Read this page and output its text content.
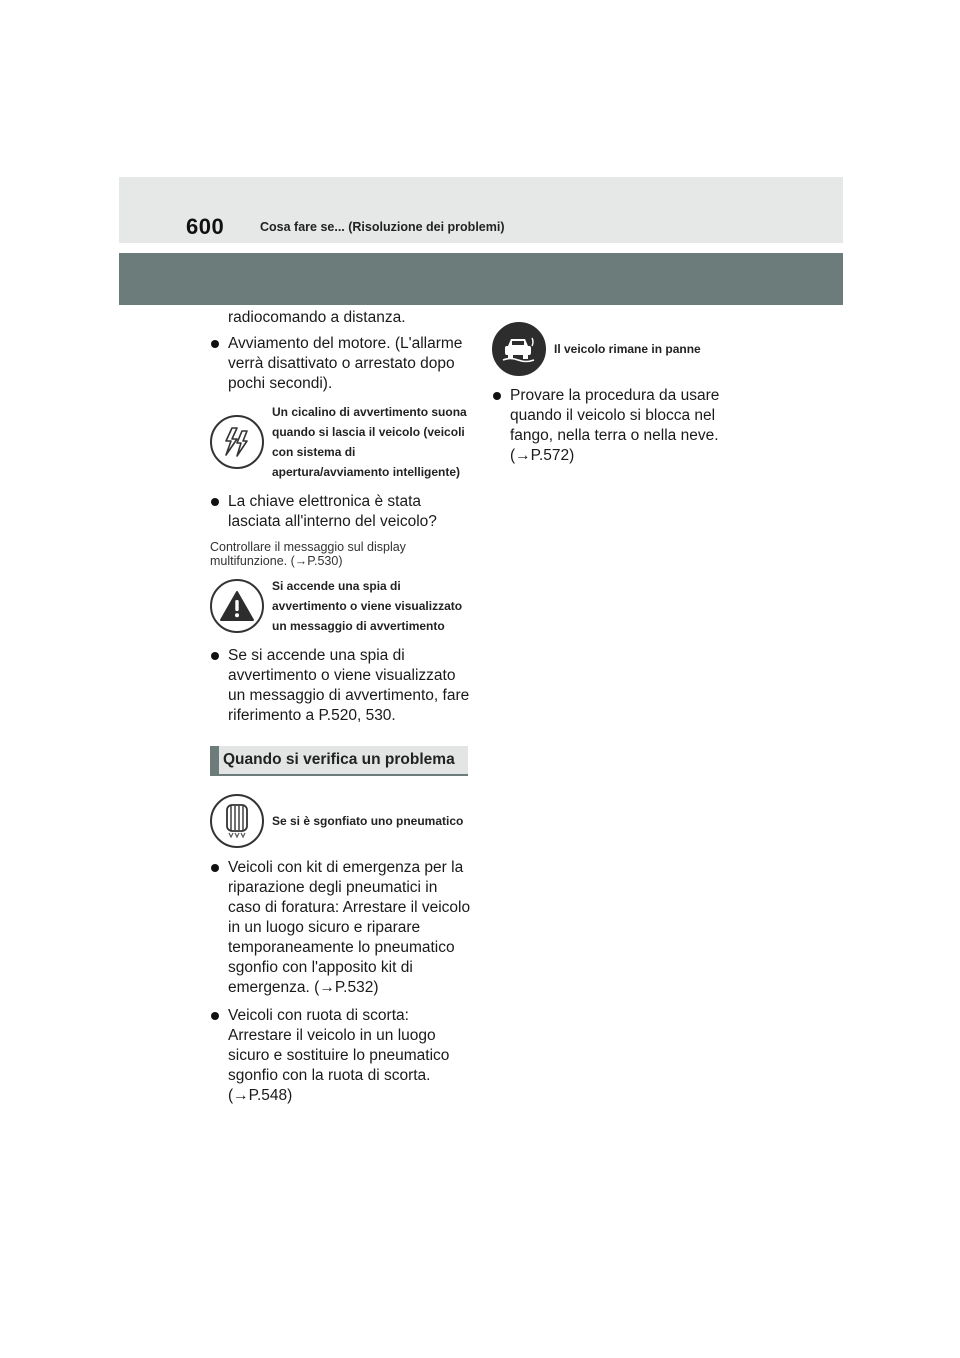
600	Cosa fare se... (Risoluzione dei problemi)

radiocomando a distanza.

Avviamento del motore. (L'allarme verrà disattivato o arrestato dopo pochi secondi).
Un cicalino di avvertimento suona quando si lascia il veicolo (veicoli con sistema di apertura/avviamento intelligente)
La chiave elettronica è stata lasciata all'interno del veicolo?

Controllare il messaggio sul display multifunzione. (→P.530)

Si accende una spia di avvertimento o viene visualizzato un messaggio di avvertimento
Se si accende una spia di avvertimento o viene visualizzato un messaggio di avvertimento, fare riferimento a P.520, 530.
Quando si verifica un problema
Se si è sgonfiato uno pneumatico
Veicoli con kit di emergenza per la riparazione degli pneumatici in caso di foratura: Arrestare il veicolo in un luogo sicuro e riparare temporaneamente lo pneumatico sgonfio con l'apposito kit di emergenza. (→P.532)
Veicoli con ruota di scorta: Arrestare il veicolo in un luogo sicuro e sostituire lo pneumatico sgonfio con la ruota di scorta. (→P.548)
Il veicolo rimane in panne
Provare la procedura da usare quando il veicolo si blocca nel fango, nella terra o nella neve. (→P.572)
